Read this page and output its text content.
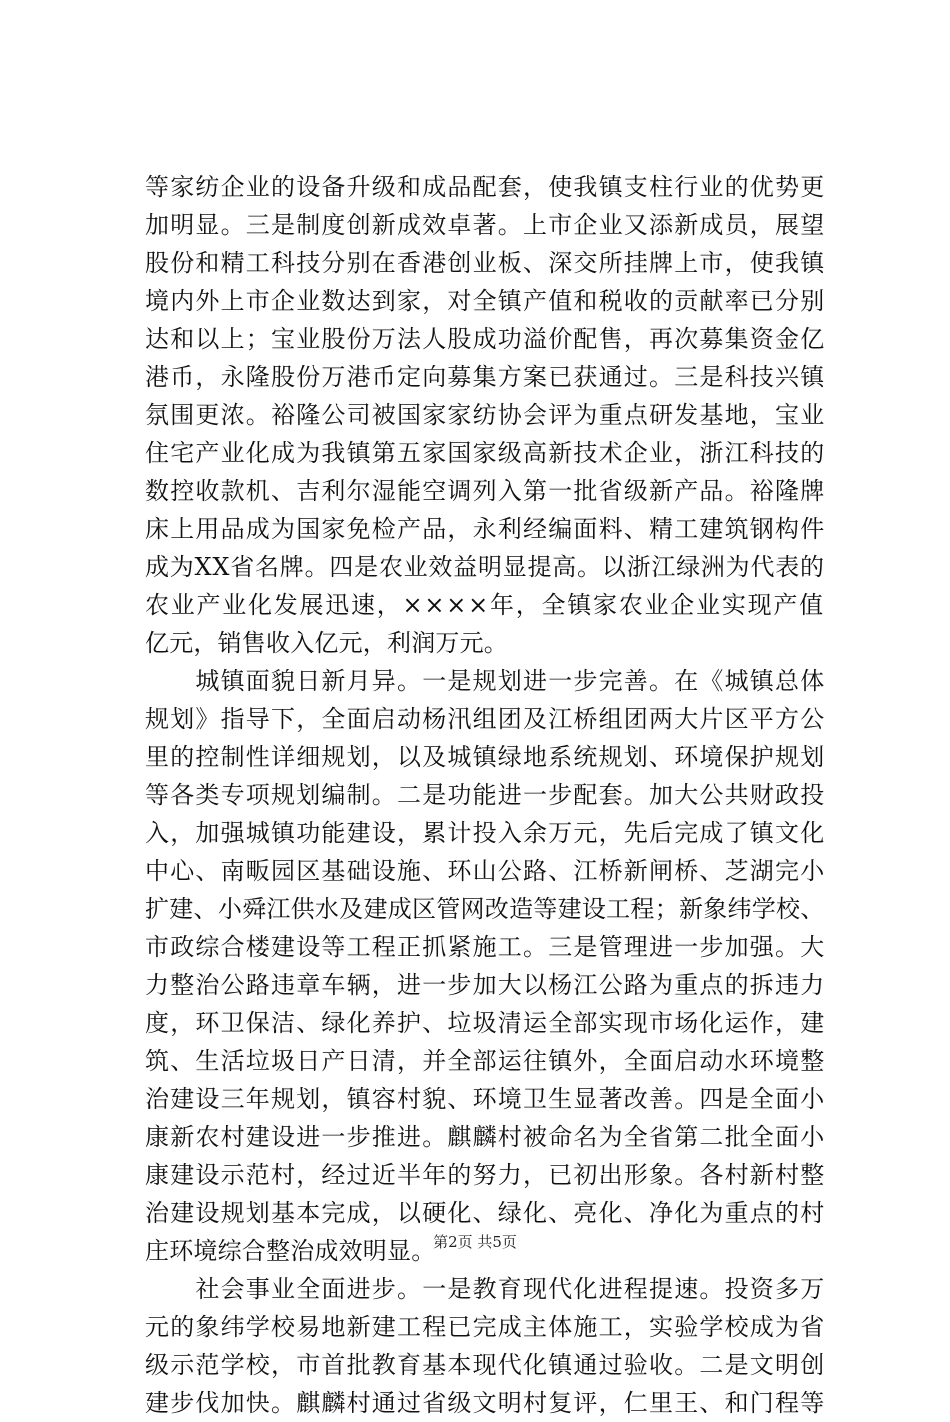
等家纺企业的设备升级和成品配套，使我镇支柱行业的优势更
加明显。三是制度创新成效卓著。上市企业又添新成员，展望
股份和精工科技分别在香港创业板、深交所挂牌上市，使我镇
境内外上市企业数达到家，对全镇产值和税收的贡献率已分别
达和以上；宝业股份万法人股成功溢价配售，再次募集资金亿
港币，永隆股份万港币定向募集方案已获通过。三是科技兴镇
氛围更浓。裕隆公司被国家家纺协会评为重点研发基地，宝业
住宅产业化成为我镇第五家国家级高新技术企业，浙江科技的
数控收款机、吉利尔湿能空调列入第一批省级新产品。裕隆牌
床上用品成为国家免检产品，永利经编面料、精工建筑钢构件
成为XX省名牌。四是农业效益明显提高。以浙江绿洲为代表的
农业产业化发展迅速，××××年，全镇家农业企业实现产值
亿元，销售收入亿元，利润万元。
　　城镇面貌日新月异。一是规划进一步完善。在《城镇总体
规划》指导下，全面启动杨汛组团及江桥组团两大片区平方公
里的控制性详细规划，以及城镇绿地系统规划、环境保护规划
等各类专项规划编制。二是功能进一步配套。加大公共财政投
入，加强城镇功能建设，累计投入余万元，先后完成了镇文化
中心、南畈园区基础设施、环山公路、江桥新闸桥、芝湖完小
扩建、小舜江供水及建成区管网改造等建设工程；新象纬学校、
市政综合楼建设等工程正抓紧施工。三是管理进一步加强。大
力整治公路违章车辆，进一步加大以杨江公路为重点的拆违力
度，环卫保洁、绿化养护、垃圾清运全部实现市场化运作，建
筑、生活垃圾日产日清，并全部运往镇外，全面启动水环境整
治建设三年规划，镇容村貌、环境卫生显著改善。四是全面小
康新农村建设进一步推进。麒麟村被命名为全省第二批全面小
康建设示范村，经过近半年的努力，已初出形象。各村新村整
治建设规划基本完成，以硬化、绿化、亮化、净化为重点的村
庄环境综合整治成效明显。
　　社会事业全面进步。一是教育现代化进程提速。投资多万
元的象纬学校易地新建工程已完成主体施工，实验学校成为省
级示范学校，市首批教育基本现代化镇通过验收。二是文明创
建步伐加快。麒麟村通过省级文明村复评，仁里王、和门程等
第2页 共5页
